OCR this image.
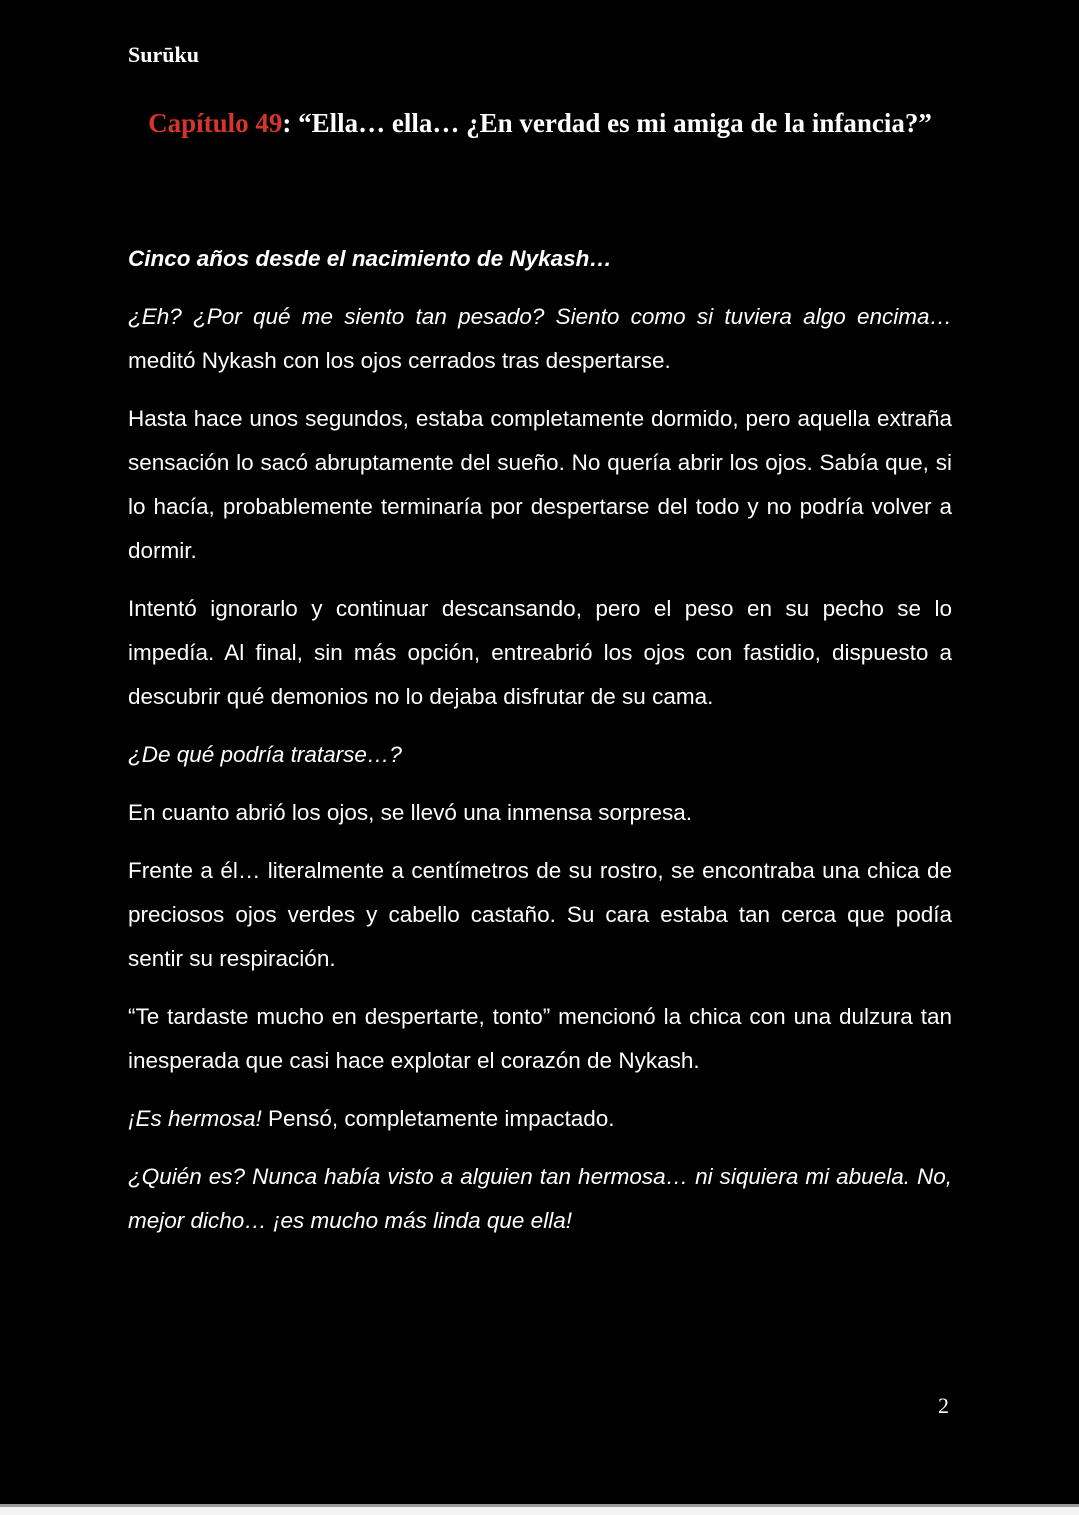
Surūku
Capítulo 49: “Ella… ella… ¿En verdad es mi amiga de la infancia?”

Cinco años desde el nacimiento de Nykash…

¿Eh? ¿Por qué me siento tan pesado? Siento como si tuviera algo encima… meditó Nykash con los ojos cerrados tras despertarse.

Hasta hace unos segundos, estaba completamente dormido, pero aquella extraña sensación lo sacó abruptamente del sueño. No quería abrir los ojos. Sabía que, si lo hacía, probablemente terminaría por despertarse del todo y no podría volver a dormir.

Intentó ignorarlo y continuar descansando, pero el peso en su pecho se lo impedía. Al final, sin más opción, entreabrió los ojos con fastidio, dispuesto a descubrir qué demonios no lo dejaba disfrutar de su cama.

¿De qué podría tratarse…?

En cuanto abrió los ojos, se llevó una inmensa sorpresa.

Frente a él… literalmente a centímetros de su rostro, se encontraba una chica de preciosos ojos verdes y cabello castaño. Su cara estaba tan cerca que podía sentir su respiración.

“Te tardaste mucho en despertarte, tonto” mencionó la chica con una dulzura tan inesperada que casi hace explotar el corazón de Nykash.

¡Es hermosa! Pensó, completamente impactado.

¿Quién es? Nunca había visto a alguien tan hermosa… ni siquiera mi abuela. No, mejor dicho… ¡es mucho más linda que ella!

2
